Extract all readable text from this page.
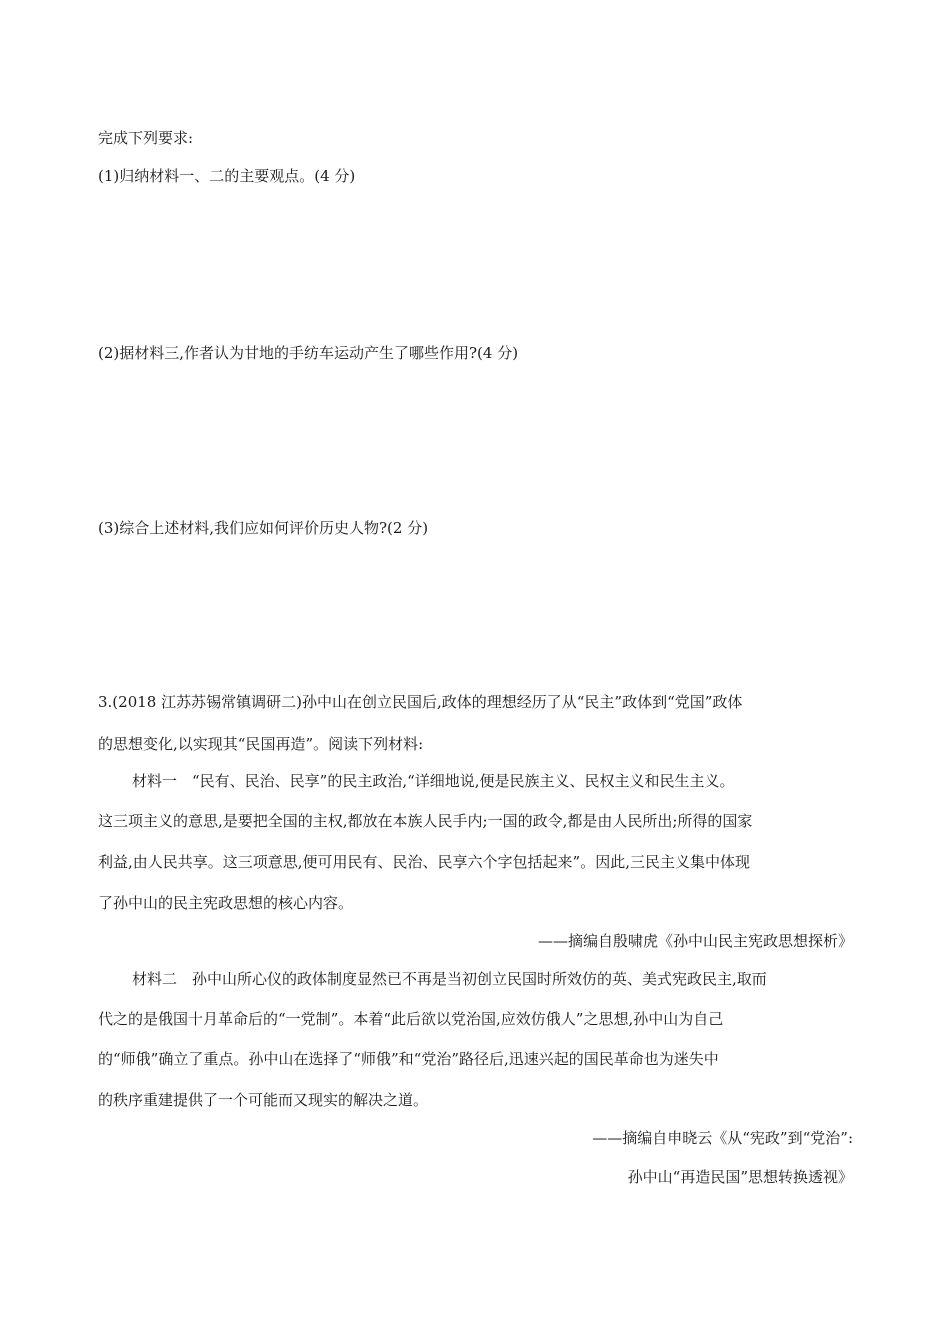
完成下列要求:
(1)归纳材料一、二的主要观点。(4 分)
(2)据材料三,作者认为甘地的手纺车运动产生了哪些作用?(4 分)
(3)综合上述材料,我们应如何评价历史人物?(2 分)
3.(2018 江苏苏锡常镇调研二)孙中山在创立民国后,政体的理想经历了从“民主”政体到“党国”政体
的思想变化,以实现其“民国再造”。阅读下列材料:
材料一　“民有、民治、民享”的民主政治,“详细地说,便是民族主义、民权主义和民生主义。
这三项主义的意思,是要把全国的主权,都放在本族人民手内;一国的政令,都是由人民所出;所得的国家
利益,由人民共享。这三项意思,便可用民有、民治、民享六个字包括起来”。因此,三民主义集中体现
了孙中山的民主宪政思想的核心内容。
——摘编自殷啸虎《孙中山民主宪政思想探析》
材料二　孙中山所心仪的政体制度显然已不再是当初创立民国时所效仿的英、美式宪政民主,取而
代之的是俄国十月革命后的“一党制”。本着“此后欲以党治国,应效仿俄人”之思想,孙中山为自己
的“师俄”确立了重点。孙中山在选择了“师俄”和“党治”路径后,迅速兴起的国民革命也为迷失中
的秩序重建提供了一个可能而又现实的解决之道。
——摘编自申晓云《从“宪政”到“党治”:
孙中山“再造民国”思想转换透视》
